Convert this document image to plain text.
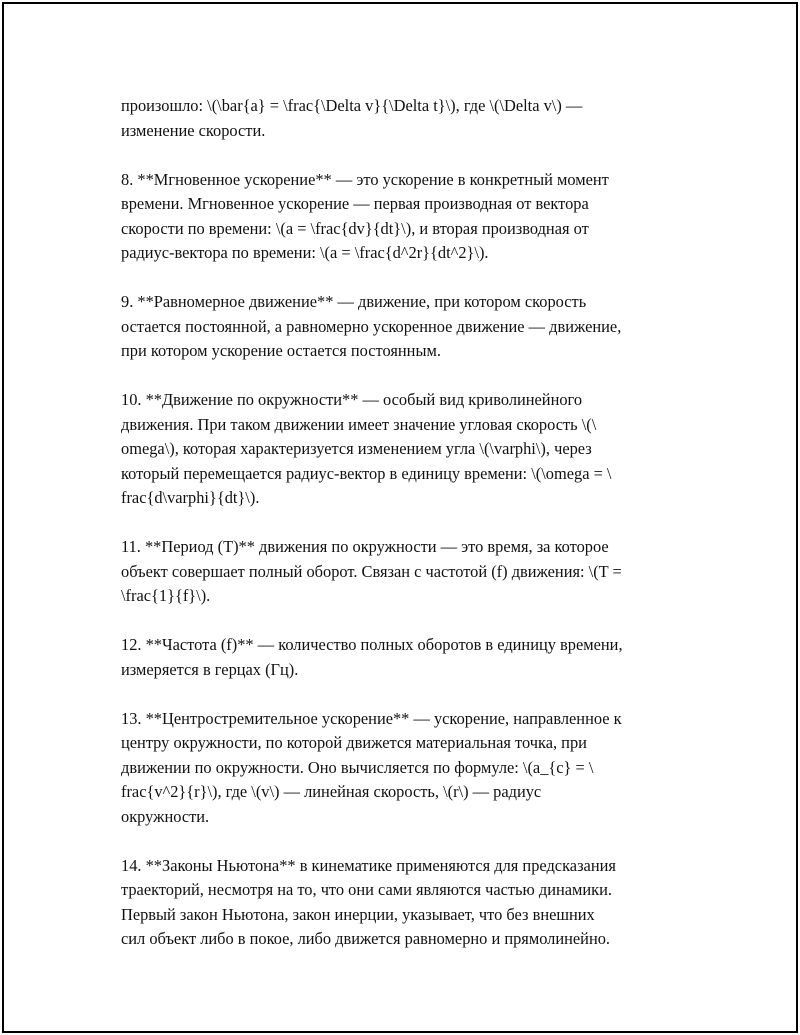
произошло: \(\bar{a} = \frac{\Delta v}{\Delta t}\), где \(\Delta v\) —
изменение скорости.

8. **Мгновенное ускорение** — это ускорение в конкретный момент
времени. Мгновенное ускорение — первая производная от вектора
скорости по времени: \(a = \frac{dv}{dt}\), и вторая производная от
радиус-вектора по времени: \(a = \frac{d^2r}{dt^2}\).

9. **Равномерное движение** — движение, при котором скорость
остается постоянной, а равномерно ускоренное движение — движение,
при котором ускорение остается постоянным.

10. **Движение по окружности** — особый вид криволинейного
движения. При таком движении имеет значение угловая скорость \(\
omega\), которая характеризуется изменением угла \(\varphi\), через
который перемещается радиус-вектор в единицу времени: \(\omega = \
frac{d\varphi}{dt}\).

11. **Период (T)** движения по окружности — это время, за которое
объект совершает полный оборот. Связан с частотой (f) движения: \(T =
\frac{1}{f}\).

12. **Частота (f)** — количество полных оборотов в единицу времени,
измеряется в герцах (Гц).

13. **Центростремительное ускорение** — ускорение, направленное к
центру окружности, по которой движется материальная точка, при
движении по окружности. Оно вычисляется по формуле: \(a_{c} = \
frac{v^2}{r}\), где \(v\) — линейная скорость, \(r\) — радиус
окружности.

14. **Законы Ньютона** в кинематике применяются для предсказания
траекторий, несмотря на то, что они сами являются частью динамики.
Первый закон Ньютона, закон инерции, указывает, что без внешних
сил объект либо в покое, либо движется равномерно и прямолинейно.
